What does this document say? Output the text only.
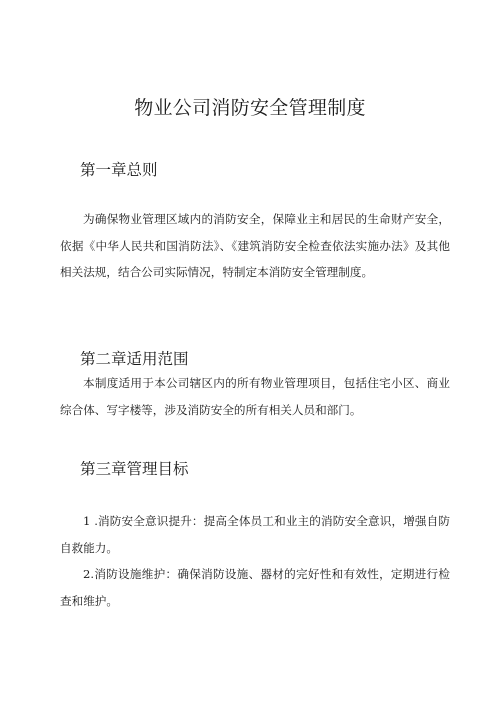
物业公司消防安全管理制度
第一章总则

为确保物业管理区域内的消防安全，保障业主和居民的生命财产安全，依据《中华人民共和国消防法》、《建筑消防安全检查依法实施办法》及其他相关法规，结合公司实际情况，特制定本消防安全管理制度。

第二章适用范围

本制度适用于本公司辖区内的所有物业管理项目，包括住宅小区、商业综合体、写字楼等，涉及消防安全的所有相关人员和部门。

第三章管理目标

1 .消防安全意识提升：提高全体员工和业主的消防安全意识，增强自防自救能力。

2.消防设施维护：确保消防设施、器材的完好性和有效性，定期进行检查和维护。
